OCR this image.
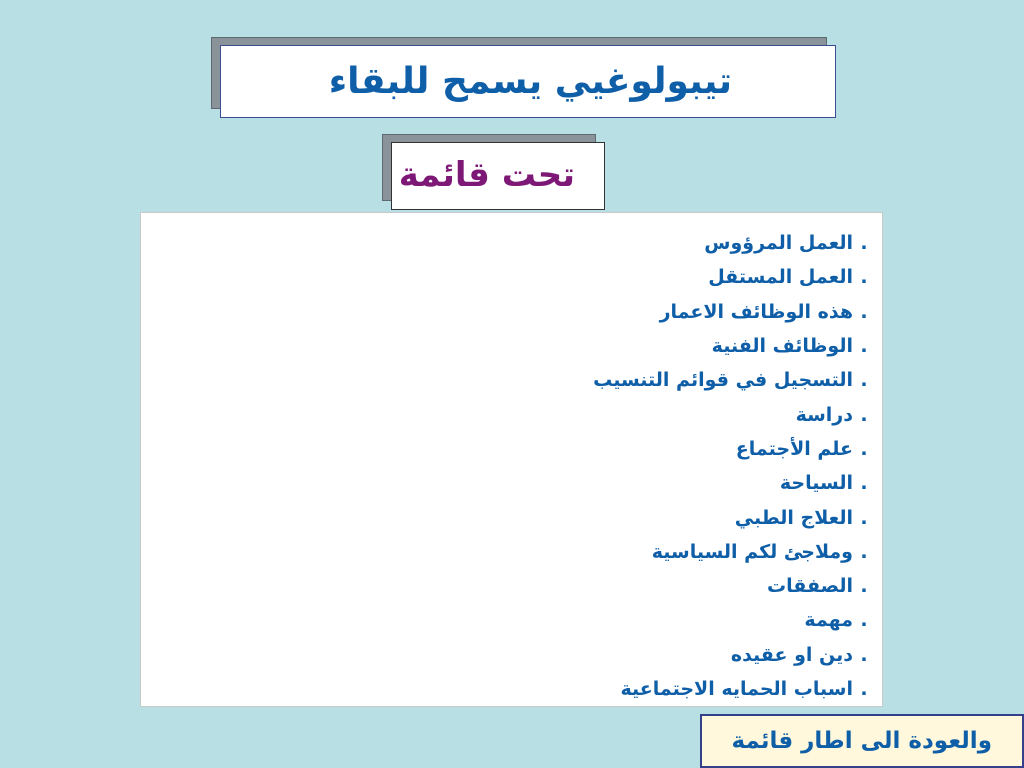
تيبولوغيي يسمح للبقاء
تحت قائمة
.
العمل المرؤوس
.
العمل المستقل
.
هذه الوظائف الاعمار
.
الوظائف الفنية
.
التسجيل في قوائم التنسيب
.
دراسة
.
علم الأجتماع
.
السياحة
.
العلاج الطبي
.
وملاجئ لكم السياسية
.
الصفقات
.
مهمة
.
دين او عقيده
.
اسباب الحمايه الاجتماعية
والعودة الى اطار قائمة
